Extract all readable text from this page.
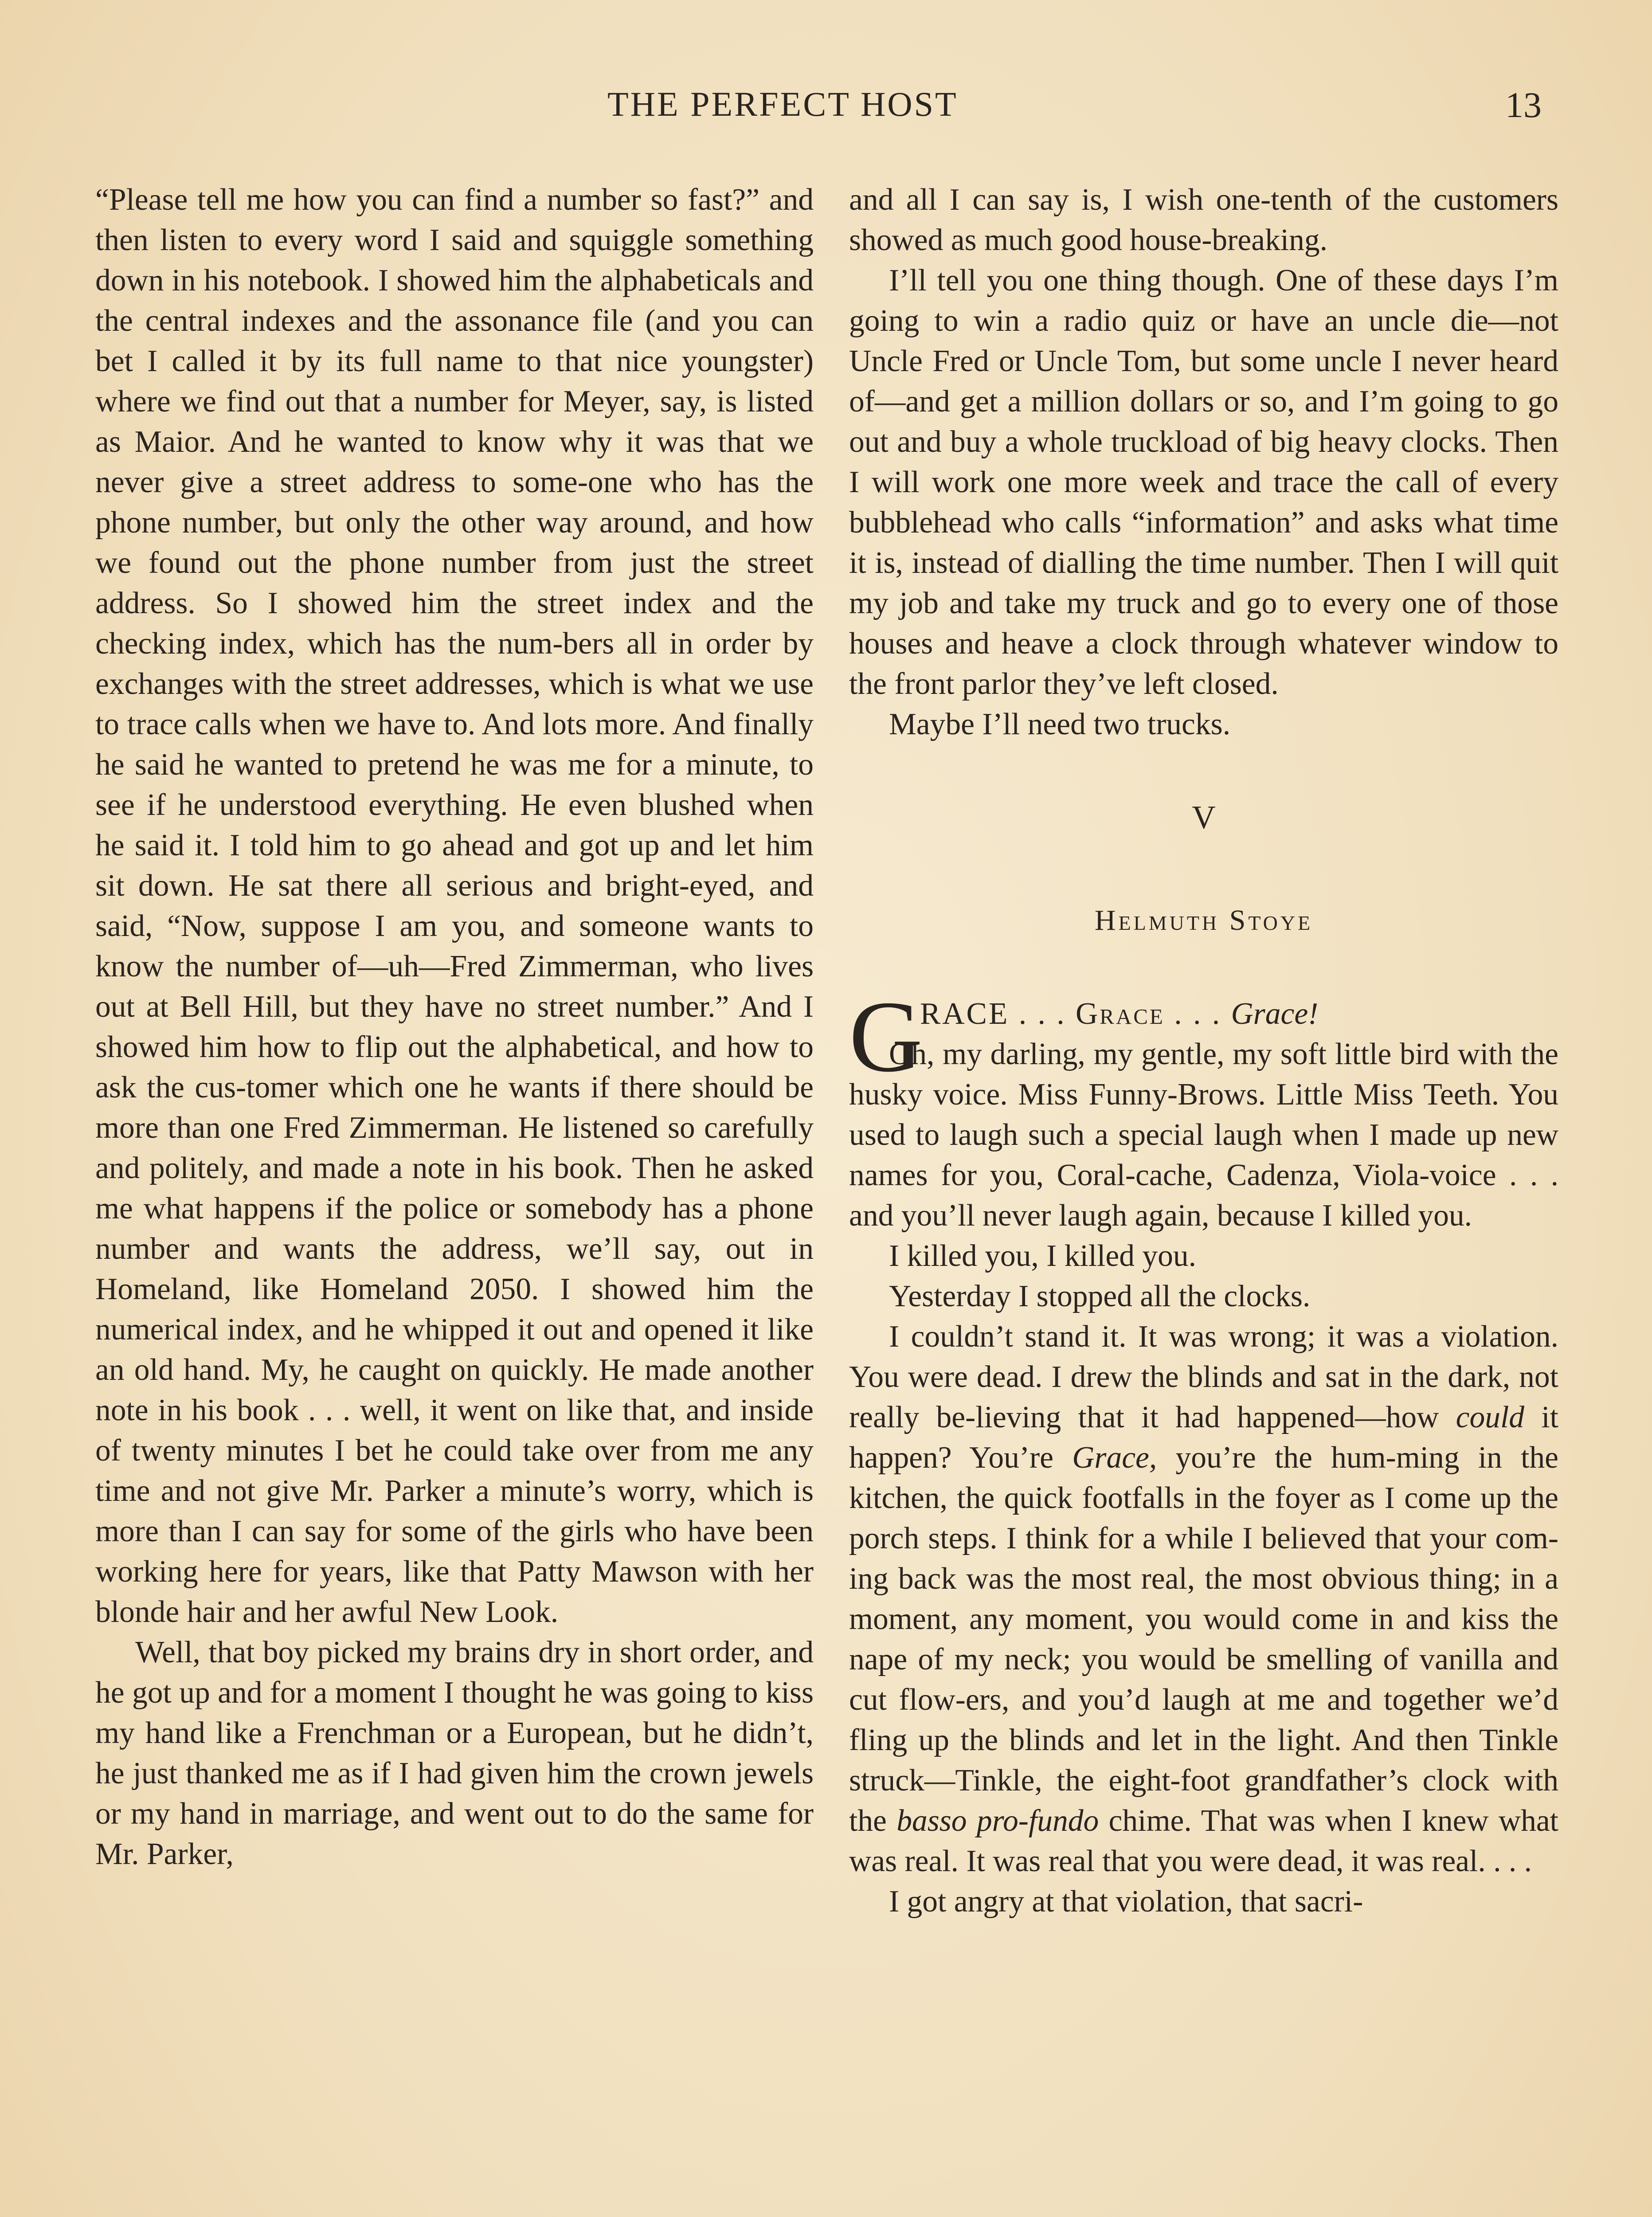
THE PERFECT HOST	13

“Please tell me how you can find a number so fast?” and then listen to every word I said and squiggle something down in his notebook. I showed him the alphabeticals and the central indexes and the assonance file (and you can bet I called it by its full name to that nice youngster) where we find out that a number for Meyer, say, is listed as Maior. And he wanted to know why it was that we never give a street address to some-one who has the phone number, but only the other way around, and how we found out the phone number from just the street address. So I showed him the street index and the checking index, which has the num-bers all in order by exchanges with the street addresses, which is what we use to trace calls when we have to. And lots more. And finally he said he wanted to pretend he was me for a minute, to see if he understood everything. He even blushed when he said it. I told him to go ahead and got up and let him sit down. He sat there all serious and bright-eyed, and said, “Now, suppose I am you, and someone wants to know the number of—uh—Fred Zimmerman, who lives out at Bell Hill, but they have no street number.” And I showed him how to flip out the alphabetical, and how to ask the cus-tomer which one he wants if there should be more than one Fred Zimmerman. He listened so carefully and politely, and made a note in his book. Then he asked me what happens if the police or somebody has a phone number and wants the address, we’ll say, out in Homeland, like Homeland 2050. I showed him the numerical index, and he whipped it out and opened it like an old hand. My, he caught on quickly. He made another note in his book . . . well, it went on like that, and inside of twenty minutes I bet he could take over from me any time and not give Mr. Parker a minute’s worry, which is more than I can say for some of the girls who have been working here for years, like that Patty Mawson with her blonde hair and her awful New Look.

Well, that boy picked my brains dry in short order, and he got up and for a moment I thought he was going to kiss my hand like a Frenchman or a European, but he didn’t, he just thanked me as if I had given him the crown jewels or my hand in marriage, and went out to do the same for Mr. Parker,

and all I can say is, I wish one-tenth of the customers showed as much good house-breaking.

I’ll tell you one thing though. One of these days I’m going to win a radio quiz or have an uncle die—not Uncle Fred or Uncle Tom, but some uncle I never heard of—and get a million dollars or so, and I’m going to go out and buy a whole truckload of big heavy clocks. Then I will work one more week and trace the call of every bubblehead who calls “information” and asks what time it is, instead of dialling the time number. Then I will quit my job and take my truck and go to every one of those houses and heave a clock through whatever window to the front parlor they’ve left closed.

Maybe I’ll need two trucks.

V

Helmuth Stoye

G
RACE . . . Grace . . . Grace!

Oh, my darling, my gentle, my soft little bird with the husky voice. Miss Funny-Brows. Little Miss Teeth. You used to laugh such a special laugh when I made up new names for you, Coral-cache, Cadenza, Viola-voice . . . and you’ll never laugh again, because I killed you.

I killed you, I killed you.

Yesterday I stopped all the clocks.

I couldn’t stand it. It was wrong; it was a violation. You were dead. I drew the blinds and sat in the dark, not really be-lieving that it had happened—how could it happen? You’re Grace, you’re the hum-ming in the kitchen, the quick footfalls in the foyer as I come up the porch steps. I think for a while I believed that your com-ing back was the most real, the most obvious thing; in a moment, any moment, you would come in and kiss the nape of my neck; you would be smelling of vanilla and cut flow-ers, and you’d laugh at me and together we’d fling up the blinds and let in the light. And then Tinkle struck—Tinkle, the eight-foot grandfather’s clock with the basso pro-fundo chime. That was when I knew what was real. It was real that you were dead, it was real. . . .

I got angry at that violation, that sacri-
